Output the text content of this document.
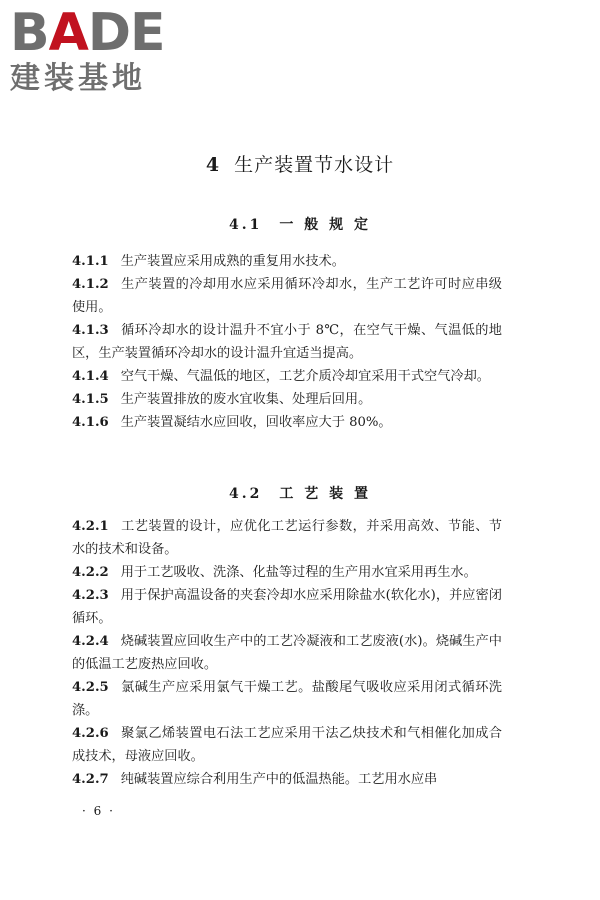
BADE
建装基地
4 生产装置节水设计
4.1　一 般 规 定

4.1.1 生产装置应采用成熟的重复用水技术。

4.1.2 生产装置的冷却用水应采用循环冷却水，生产工艺许可时应串级使用。

4.1.3 循环冷却水的设计温升不宜小于 8℃，在空气干燥、气温低的地区，生产装置循环冷却水的设计温升宜适当提高。

4.1.4 空气干燥、气温低的地区，工艺介质冷却宜采用干式空气冷却。

4.1.5 生产装置排放的废水宜收集、处理后回用。

4.1.6 生产装置凝结水应回收，回收率应大于 80%。

4.2　工 艺 装 置

4.2.1 工艺装置的设计，应优化工艺运行参数，并采用高效、节能、节水的技术和设备。

4.2.2 用于工艺吸收、洗涤、化盐等过程的生产用水宜采用再生水。

4.2.3 用于保护高温设备的夹套冷却水应采用除盐水(软化水)，并应密闭循环。

4.2.4 烧碱装置应回收生产中的工艺冷凝液和工艺废液(水)。烧碱生产中的低温工艺废热应回收。

4.2.5 氯碱生产应采用氯气干燥工艺。盐酸尾气吸收应采用闭式循环洗涤。

4.2.6 聚氯乙烯装置电石法工艺应采用干法乙炔技术和气相催化加成合成技术，母液应回收。

4.2.7 纯碱装置应综合利用生产中的低温热能。工艺用水应串

· 6 ·
